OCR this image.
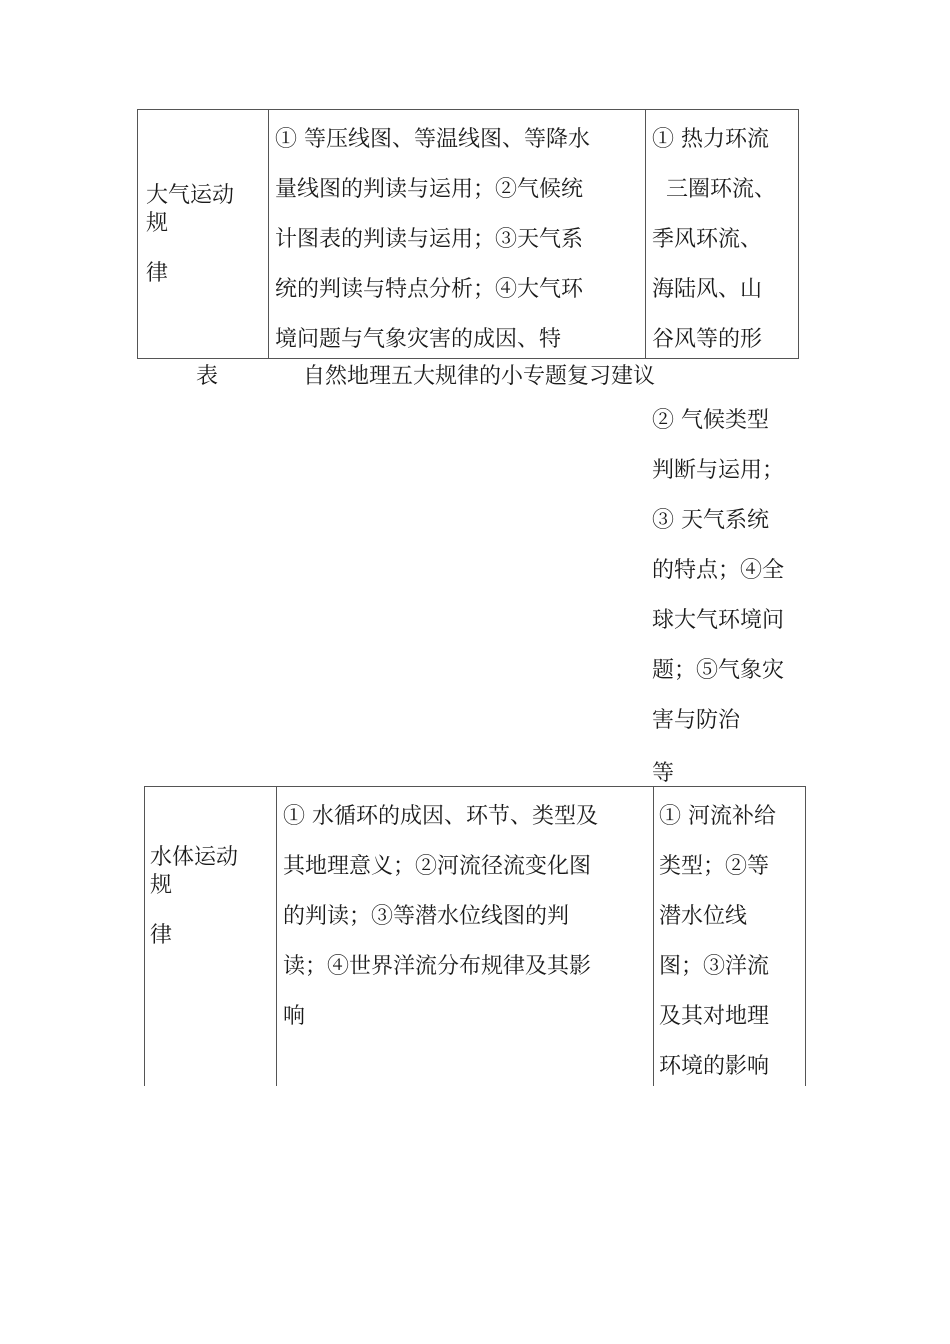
大气运动
规
律
① 等压线图、等温线图、等降水
量线图的判读与运用；②气候统
计图表的判读与运用；③天气系
统的判读与特点分析；④大气环
境问题与气象灾害的成因、特
① 热力环流
三圈环流、
季风环流、
海陆风、山
谷风等的形
表	自然地理五大规律的小专题复习建议
② 气候类型
判断与运用；
③ 天气系统
的特点；④全
球大气环境问
题；⑤气象灾
害与防治
等
水体运动
规
律
① 水循环的成因、环节、类型及
其地理意义；②河流径流变化图
的判读；③等潜水位线图的判
读；④世界洋流分布规律及其影
响
① 河流补给
类型；②等
潜水位线
图；③洋流
及其对地理
环境的影响
